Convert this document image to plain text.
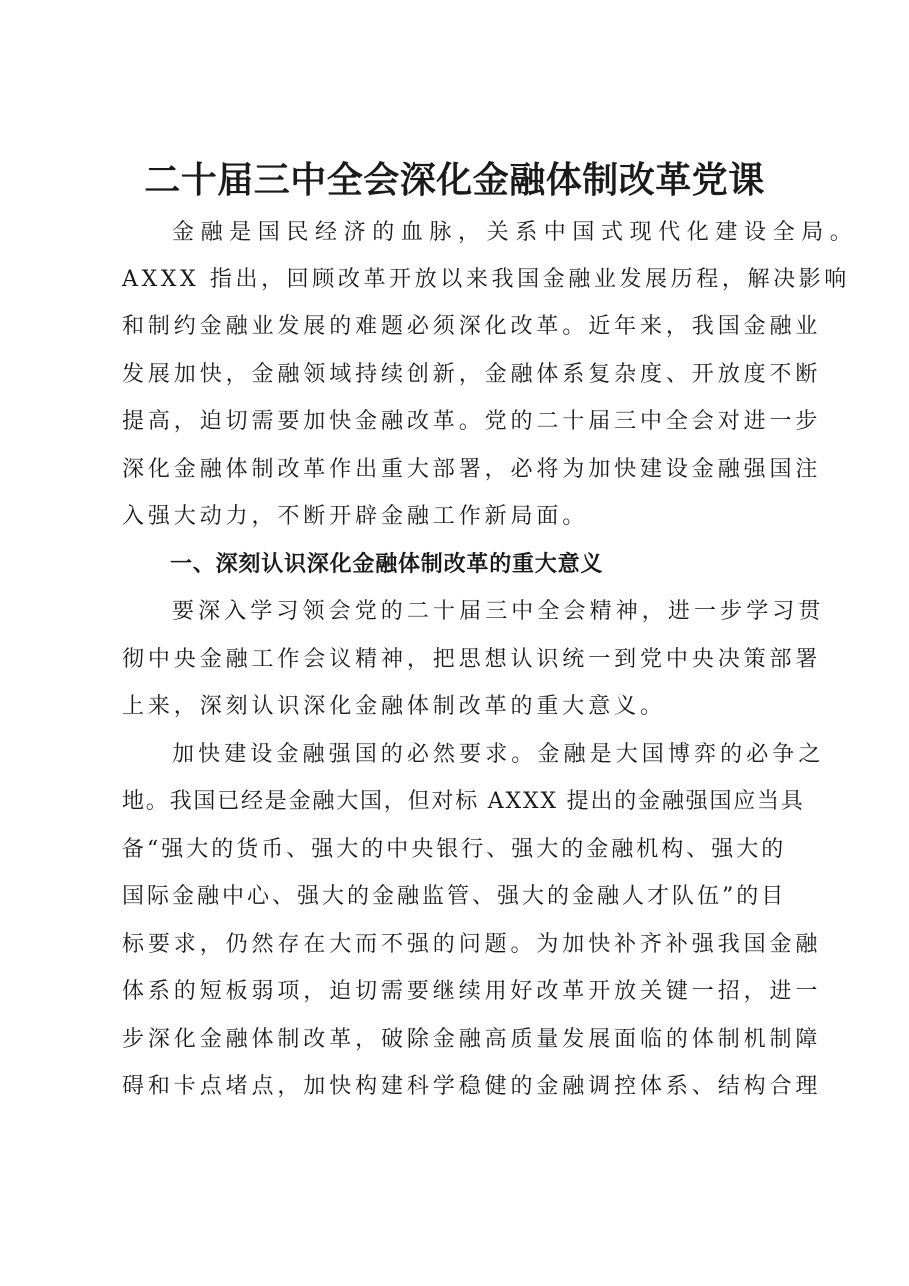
二十届三中全会深化金融体制改革党课
金融是国民经济的血脉，关系中国式现代化建设全局。
AXXX 指出，回顾改革开放以来我国金融业发展历程，解决影响
和制约金融业发展的难题必须深化改革。近年来，我国金融业
发展加快，金融领域持续创新，金融体系复杂度、开放度不断
提高，迫切需要加快金融改革。党的二十届三中全会对进一步
深化金融体制改革作出重大部署，必将为加快建设金融强国注
入强大动力，不断开辟金融工作新局面。
一、深刻认识深化金融体制改革的重大意义
要深入学习领会党的二十届三中全会精神，进一步学习贯
彻中央金融工作会议精神，把思想认识统一到党中央决策部署
上来，深刻认识深化金融体制改革的重大意义。
加快建设金融强国的必然要求。金融是大国博弈的必争之
地。我国已经是金融大国，但对标 AXXX 提出的金融强国应当具
备“强大的货币、强大的中央银行、强大的金融机构、强大的
国际金融中心、强大的金融监管、强大的金融人才队伍”的目
标要求，仍然存在大而不强的问题。为加快补齐补强我国金融
体系的短板弱项，迫切需要继续用好改革开放关键一招，进一
步深化金融体制改革，破除金融高质量发展面临的体制机制障
碍和卡点堵点，加快构建科学稳健的金融调控体系、结构合理
